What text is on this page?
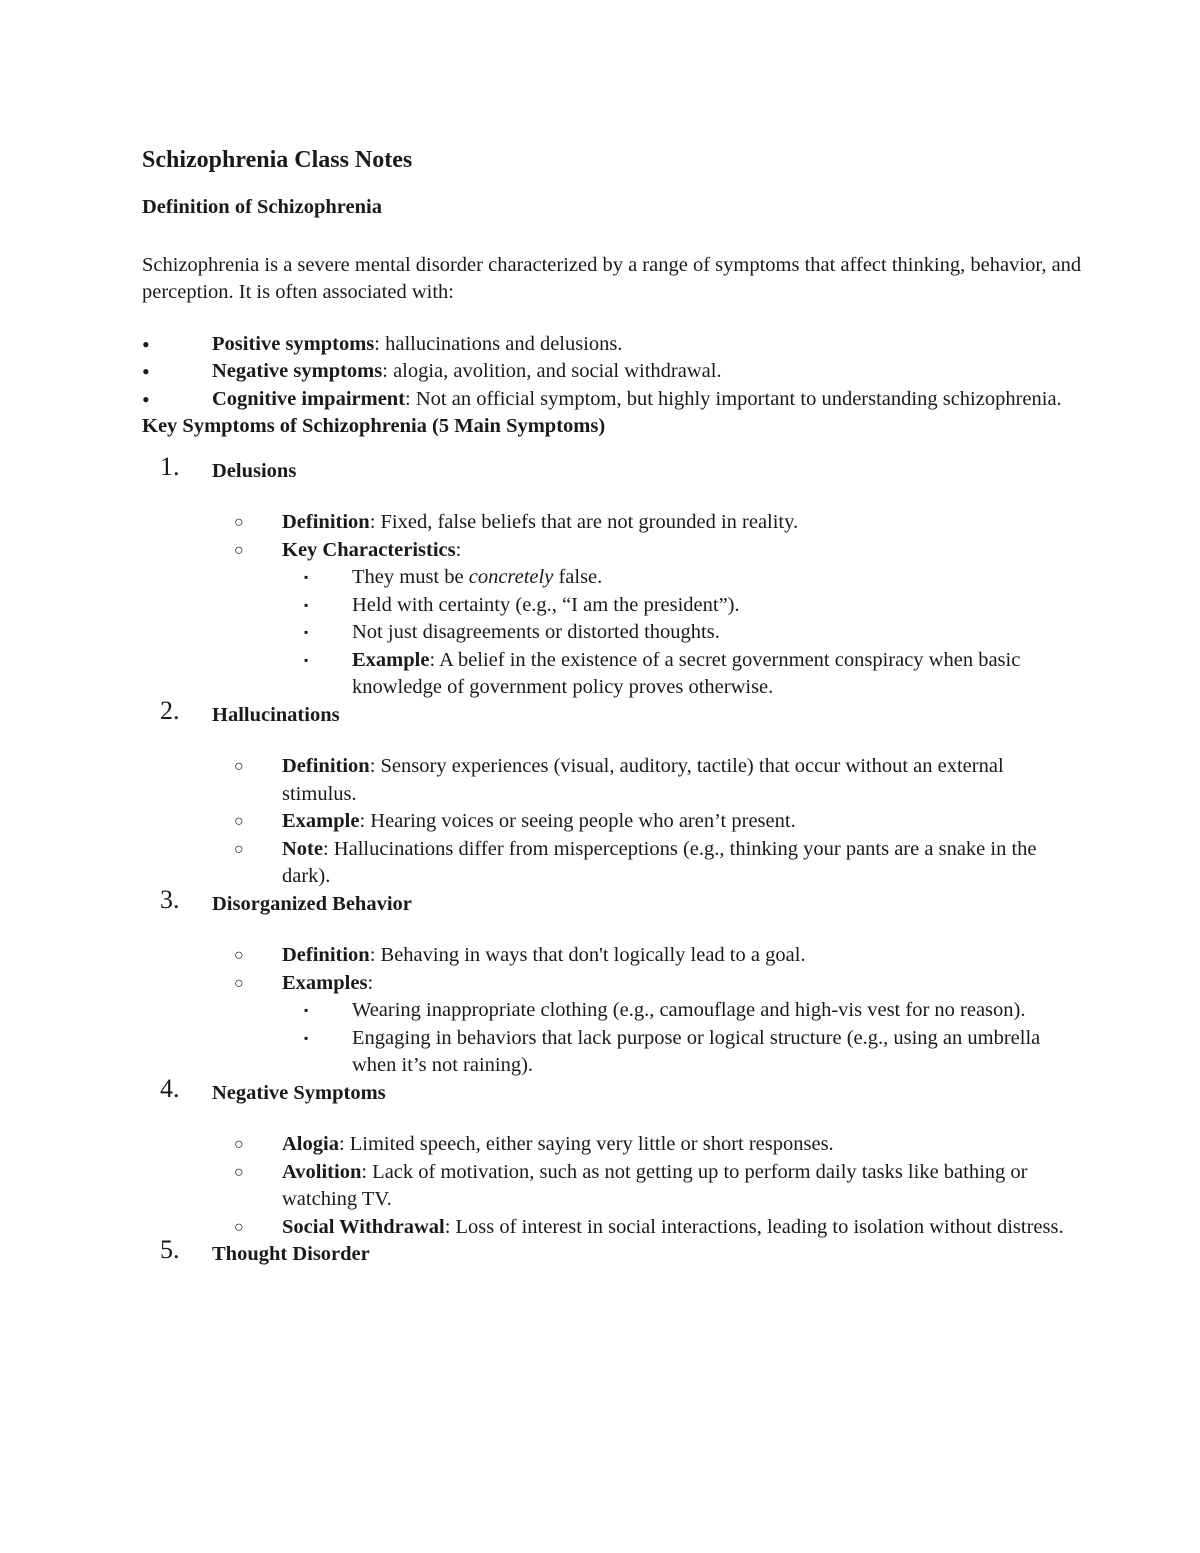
Schizophrenia Class Notes
Definition of Schizophrenia

Schizophrenia is a severe mental disorder characterized by a range of symptoms that affect thinking, behavior, and perception. It is often associated with:

• Positive symptoms: hallucinations and delusions.
• Negative symptoms: alogia, avolition, and social withdrawal.
• Cognitive impairment: Not an official symptom, but highly important to understanding schizophrenia.

Key Symptoms of Schizophrenia (5 Main Symptoms)

1. Delusions
○ Definition: Fixed, false beliefs that are not grounded in reality.
○ Key Characteristics:
▪ They must be concretely false.
▪ Held with certainty (e.g., “I am the president”).
▪ Not just disagreements or distorted thoughts.
▪ Example: A belief in the existence of a secret government conspiracy when basic knowledge of government policy proves otherwise.
2. Hallucinations
○ Definition: Sensory experiences (visual, auditory, tactile) that occur without an external stimulus.
○ Example: Hearing voices or seeing people who aren’t present.
○ Note: Hallucinations differ from misperceptions (e.g., thinking your pants are a snake in the dark).
3. Disorganized Behavior
○ Definition: Behaving in ways that don't logically lead to a goal.
○ Examples:
▪ Wearing inappropriate clothing (e.g., camouflage and high-vis vest for no reason).
▪ Engaging in behaviors that lack purpose or logical structure (e.g., using an umbrella when it’s not raining).
4. Negative Symptoms
○ Alogia: Limited speech, either saying very little or short responses.
○ Avolition: Lack of motivation, such as not getting up to perform daily tasks like bathing or watching TV.
○ Social Withdrawal: Loss of interest in social interactions, leading to isolation without distress.
5. Thought Disorder
